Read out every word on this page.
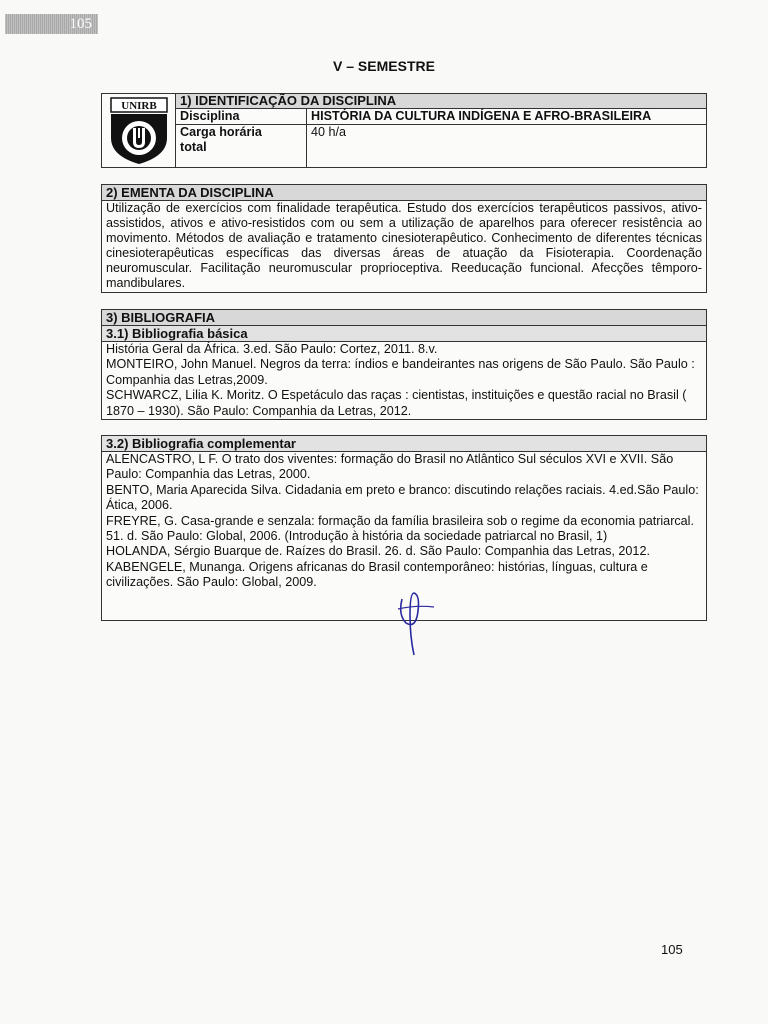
105
V – SEMESTRE
UNIRB	1) IDENTIFICAÇÃO DA DISCIPLINA
Disciplina	HISTÓRIA DA CULTURA INDÍGENA E AFRO-BRASILEIRA
Carga horária
total
40 h/a
2) EMENTA DA DISCIPLINA
Utilização de exercícios com finalidade terapêutica. Estudo dos exercícios terapêuticos passivos, ativo-assistidos, ativos e ativo-resistidos com ou sem a utilização de aparelhos para oferecer resistência ao movimento. Métodos de avaliação e tratamento cinesioterapêutico. Conhecimento de diferentes técnicas cinesioterapêuticas específicas das diversas áreas de atuação da Fisioterapia. Coordenação neuromuscular. Facilitação neuromuscular proprioceptiva. Reeducação funcional. Afecções têmporo-mandibulares.
3) BIBLIOGRAFIA
3.1) Bibliografia básica
História Geral da África. 3.ed. São Paulo: Cortez, 2011. 8.v.
MONTEIRO, John Manuel. Negros da terra: índios e bandeirantes nas origens de São Paulo. São Paulo : Companhia das Letras,2009.
SCHWARCZ, Lilia K. Moritz. O Espetáculo das raças : cientistas, instituições e questão racial no Brasil ( 1870 – 1930). São Paulo: Companhia da Letras, 2012.
3.2) Bibliografia complementar
ALENCASTRO, L F. O trato dos viventes: formação do Brasil no Atlântico Sul séculos XVI e XVII. São Paulo: Companhia das Letras, 2000.
BENTO, Maria Aparecida Silva. Cidadania em preto e branco: discutindo relações raciais. 4.ed.São Paulo: Ática, 2006.
FREYRE, G. Casa-grande e senzala: formação da família brasileira sob o regime da economia patriarcal. 51. d. São Paulo: Global, 2006. (Introdução à história da sociedade patriarcal no Brasil, 1)
HOLANDA, Sérgio Buarque de. Raízes do Brasil. 26. d. São Paulo: Companhia das Letras, 2012.
KABENGELE, Munanga. Origens africanas do Brasil contemporâneo: histórias, línguas, cultura e civilizações. São Paulo: Global, 2009.
105
